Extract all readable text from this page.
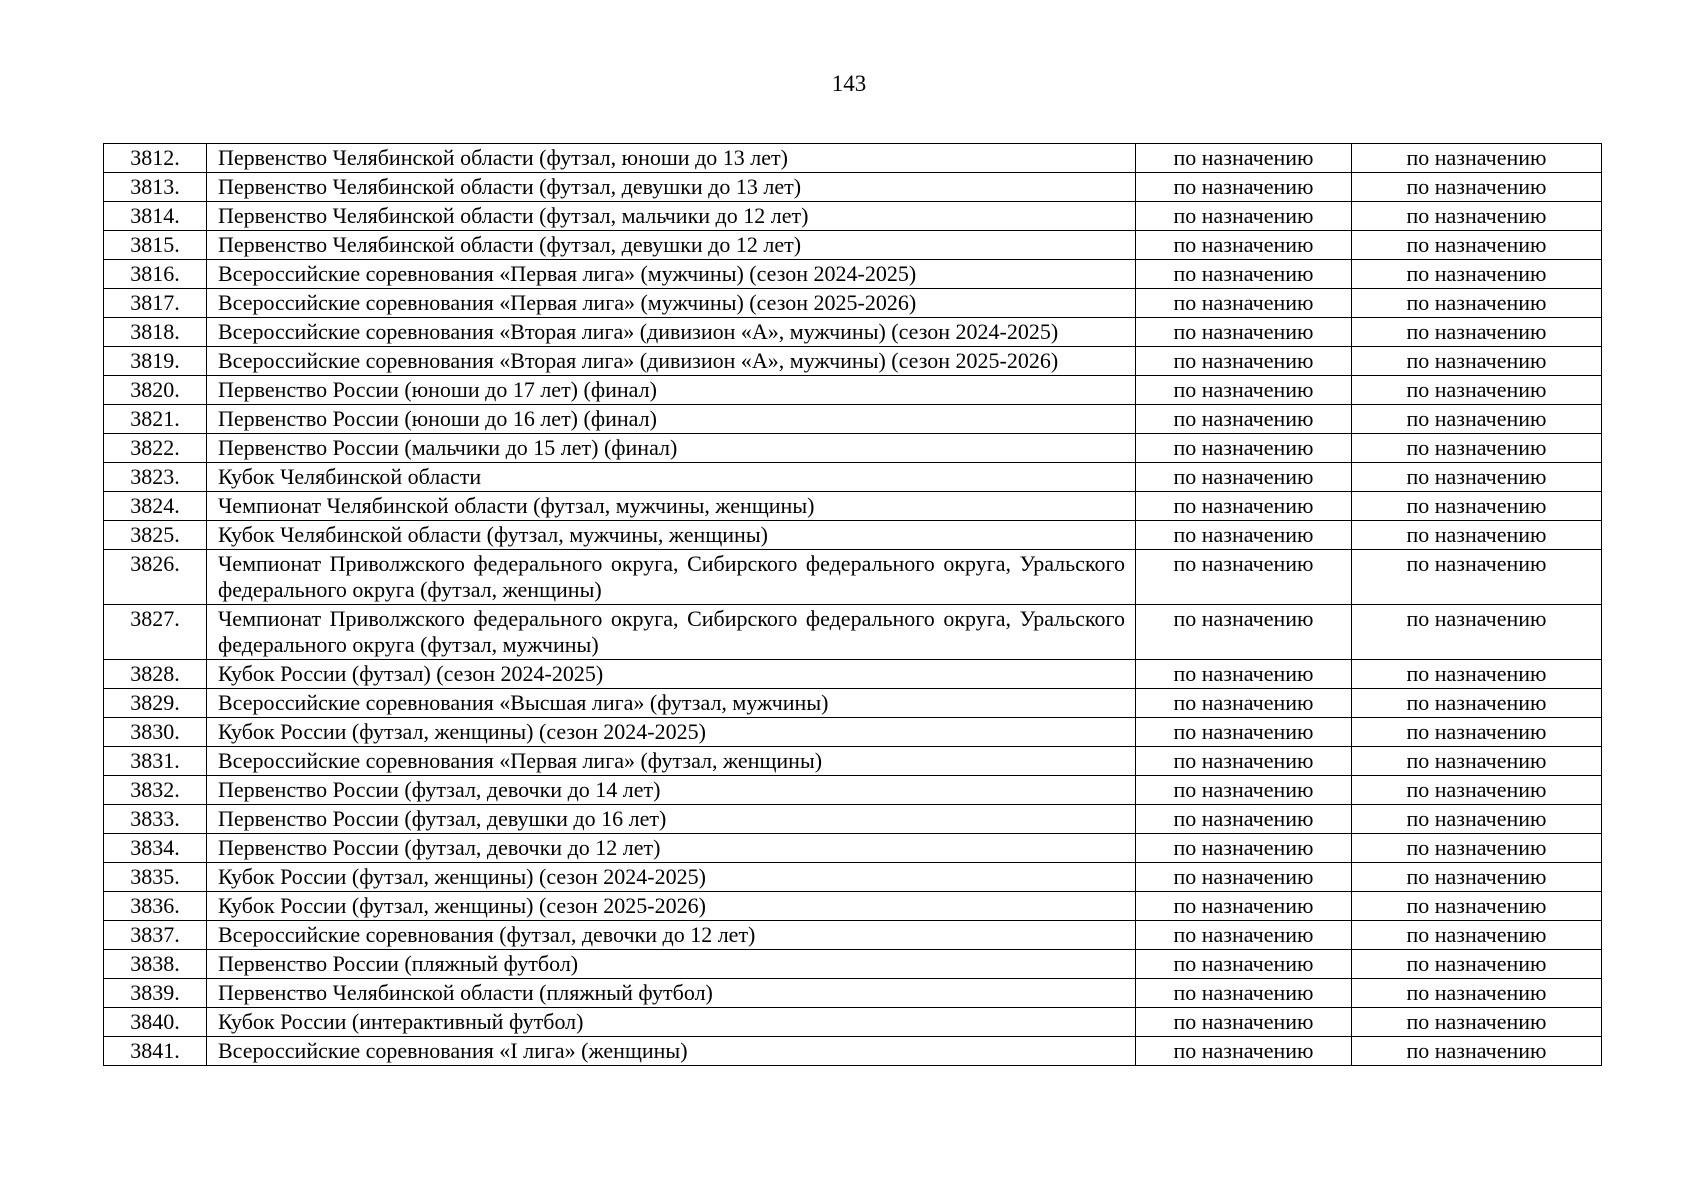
143
3812.	Первенство Челябинской области (футзал, юноши до 13 лет)	по назначению	по назначению
3813.	Первенство Челябинской области (футзал, девушки до 13 лет)	по назначению	по назначению
3814.	Первенство Челябинской области (футзал, мальчики до 12 лет)	по назначению	по назначению
3815.	Первенство Челябинской области (футзал, девушки до 12 лет)	по назначению	по назначению
3816.	Всероссийские соревнования «Первая лига» (мужчины) (сезон 2024-2025)	по назначению	по назначению
3817.	Всероссийские соревнования «Первая лига» (мужчины) (сезон 2025-2026)	по назначению	по назначению
3818.	Всероссийские соревнования «Вторая лига» (дивизион «А», мужчины) (сезон 2024-2025)	по назначению	по назначению
3819.	Всероссийские соревнования «Вторая лига» (дивизион «А», мужчины) (сезон 2025-2026)	по назначению	по назначению
3820.	Первенство России (юноши до 17 лет) (финал)	по назначению	по назначению
3821.	Первенство России (юноши до 16 лет) (финал)	по назначению	по назначению
3822.	Первенство России (мальчики до 15 лет) (финал)	по назначению	по назначению
3823.	Кубок Челябинской области	по назначению	по назначению
3824.	Чемпионат Челябинской области (футзал, мужчины, женщины)	по назначению	по назначению
3825.	Кубок Челябинской области (футзал, мужчины, женщины)	по назначению	по назначению
3826.	Чемпионат Приволжского федерального округа, Сибирского федерального округа, Уральского федерального округа (футзал, женщины)	по назначению	по назначению
3827.	Чемпионат Приволжского федерального округа, Сибирского федерального округа, Уральского федерального округа (футзал, мужчины)	по назначению	по назначению
3828.	Кубок России (футзал) (сезон 2024-2025)	по назначению	по назначению
3829.	Всероссийские соревнования «Высшая лига» (футзал, мужчины)	по назначению	по назначению
3830.	Кубок России (футзал, женщины) (сезон 2024-2025)	по назначению	по назначению
3831.	Всероссийские соревнования «Первая лига» (футзал, женщины)	по назначению	по назначению
3832.	Первенство России (футзал, девочки до 14 лет)	по назначению	по назначению
3833.	Первенство России (футзал, девушки до 16 лет)	по назначению	по назначению
3834.	Первенство России (футзал, девочки до 12 лет)	по назначению	по назначению
3835.	Кубок России (футзал, женщины) (сезон 2024-2025)	по назначению	по назначению
3836.	Кубок России (футзал, женщины) (сезон 2025-2026)	по назначению	по назначению
3837.	Всероссийские соревнования (футзал, девочки до 12 лет)	по назначению	по назначению
3838.	Первенство России (пляжный футбол)	по назначению	по назначению
3839.	Первенство Челябинской области (пляжный футбол)	по назначению	по назначению
3840.	Кубок России (интерактивный футбол)	по назначению	по назначению
3841.	Всероссийские соревнования «I лига» (женщины)	по назначению	по назначению
